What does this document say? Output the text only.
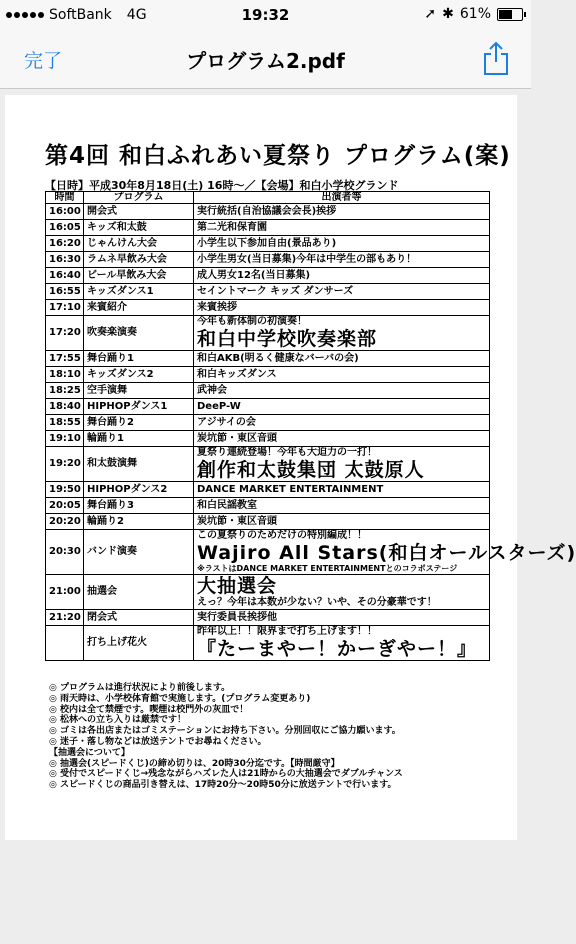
SoftBank 4G	19:32	➚ ✱ 61%
完了	プログラム2.pdf
第4回 和白ふれあい夏祭り プログラム(案)
【日時】平成30年8月18日(土) 16時～／【会場】和白小学校グランド
時間	プログラム	出演者等
16:00	開会式	実行統括(自治協議会会長)挨拶
16:05	キッズ和太鼓	第二光和保育園
16:20	じゃんけん大会	小学生以下参加自由(景品あり)
16:30	ラムネ早飲み大会	小学生男女(当日募集)今年は中学生の部もあり！
16:40	ビール早飲み大会	成人男女12名(当日募集)
16:55	キッズダンス1	セイントマーク キッズ ダンサーズ
17:10	来賓紹介	来賓挨拶
17:20	吹奏楽演奏	今年も新体制の初演奏！
和白中学校吹奏楽部

17:55	舞台踊り1	和白AKB(明るく健康なバーバの会)
18:10	キッズダンス2	和白キッズダンス
18:25	空手演舞	武神会
18:40	HIPHOPダンス1	DeeP-W
18:55	舞台踊り2	アジサイの会
19:10	輪踊り1	炭坑節・東区音頭
19:20	和太鼓演舞	夏祭り連続登場！今年も大迫力の一打！
創作和太鼓集団 太鼓原人

19:50	HIPHOPダンス2	DANCE MARKET ENTERTAINMENT
20:05	舞台踊り3	和白民謡教室
20:20	輪踊り2	炭坑節・東区音頭
20:30	バンド演奏	この夏祭りのためだけの特別編成！！
Wajiro All Stars(和白オールスターズ)
※ラストはDANCE MARKET ENTERTAINMENTとのコラボステージ

21:00	抽選会	大抽選会
えっ？今年は本数が少ない？いや、その分豪華です！

21:20	閉会式	実行委員長挨拶他
	打ち上げ花火	昨年以上！！限界まで打ち上げます！！
『たーまやー！かーぎやー！』
◎ プログラムは進行状況により前後します。
◎ 雨天時は、小学校体育館で実施します。(プログラム変更あり)
◎ 校内は全て禁煙です。喫煙は校門外の灰皿で！
◎ 松林への立ち入りは厳禁です！
◎ ゴミは各出店またはゴミステーションにお持ち下さい。分別回収にご協力願います。
◎ 迷子・落し物などは放送テントでお尋ねください。
【抽選会について】
◎ 抽選会(スピードくじ)の締め切りは、20時30分迄です。【時間厳守】
◎ 受付でスピードくじ→残念ながらハズレた人は21時からの大抽選会でダブルチャンス
◎ スピードくじの商品引き替えは、17時20分～20時50分に放送テントで行います。
